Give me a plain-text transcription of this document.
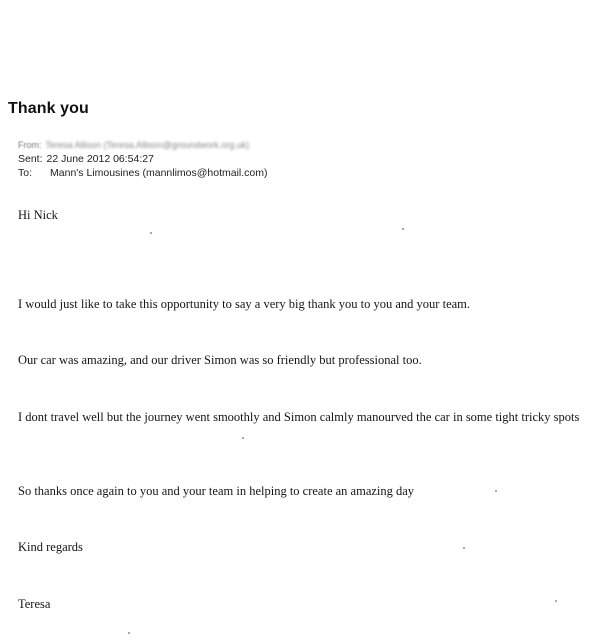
Thank you
From: Teresa Allison (Teresa.Allison@groundwork.org.uk)
Sent: 22 June 2012 06:54:27
To: Mann's Limousines (mannlimos@hotmail.com)
Hi Nick
I would just like to take this opportunity to say a very big thank you to you and your team.
Our car was amazing, and our driver Simon was so friendly but professional too.
I dont travel well but the journey went smoothly and Simon calmly manourved the car in some tight tricky spots
So thanks once again to you and your team in helping to create an amazing day
Kind regards
Teresa
